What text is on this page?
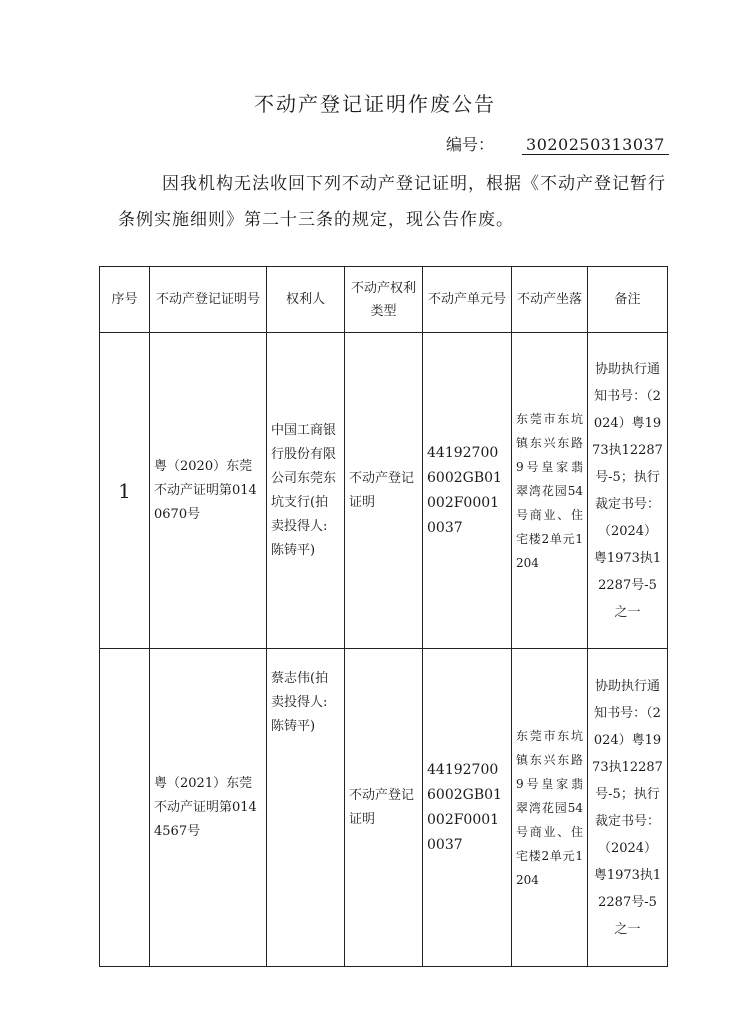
不动产登记证明作废公告
编号： 3020250313037
因我机构无法收回下列不动产登记证明，根据《不动产登记暂行条例实施细则》第二十三条的规定，现公告作废。
序号	不动产登记证明号	权利人	不动产权利类型	不动产单元号	不动产坐落	备注
1	粤（2020）东莞不动产证明第0140670号	中国工商银行股份有限公司东莞东坑支行(拍卖投得人:陈铸平)	不动产登记证明	441927006002GB01002F00010037	东莞市东坑镇东兴东路9号皇家翡翠湾花园54号商业、住宅楼2单元1204	协助执行通知书号：（2024）粤1973执12287号-5；执行裁定书号：（2024）粤1973执12287号-5之一
	粤（2021）东莞不动产证明第0144567号	蔡志伟(拍卖投得人:陈铸平)	不动产登记证明	441927006002GB01002F00010037	东莞市东坑镇东兴东路9号皇家翡翠湾花园54号商业、住宅楼2单元1204	协助执行通知书号：（2024）粤1973执12287号-5；执行裁定书号：（2024）粤1973执12287号-5之一
